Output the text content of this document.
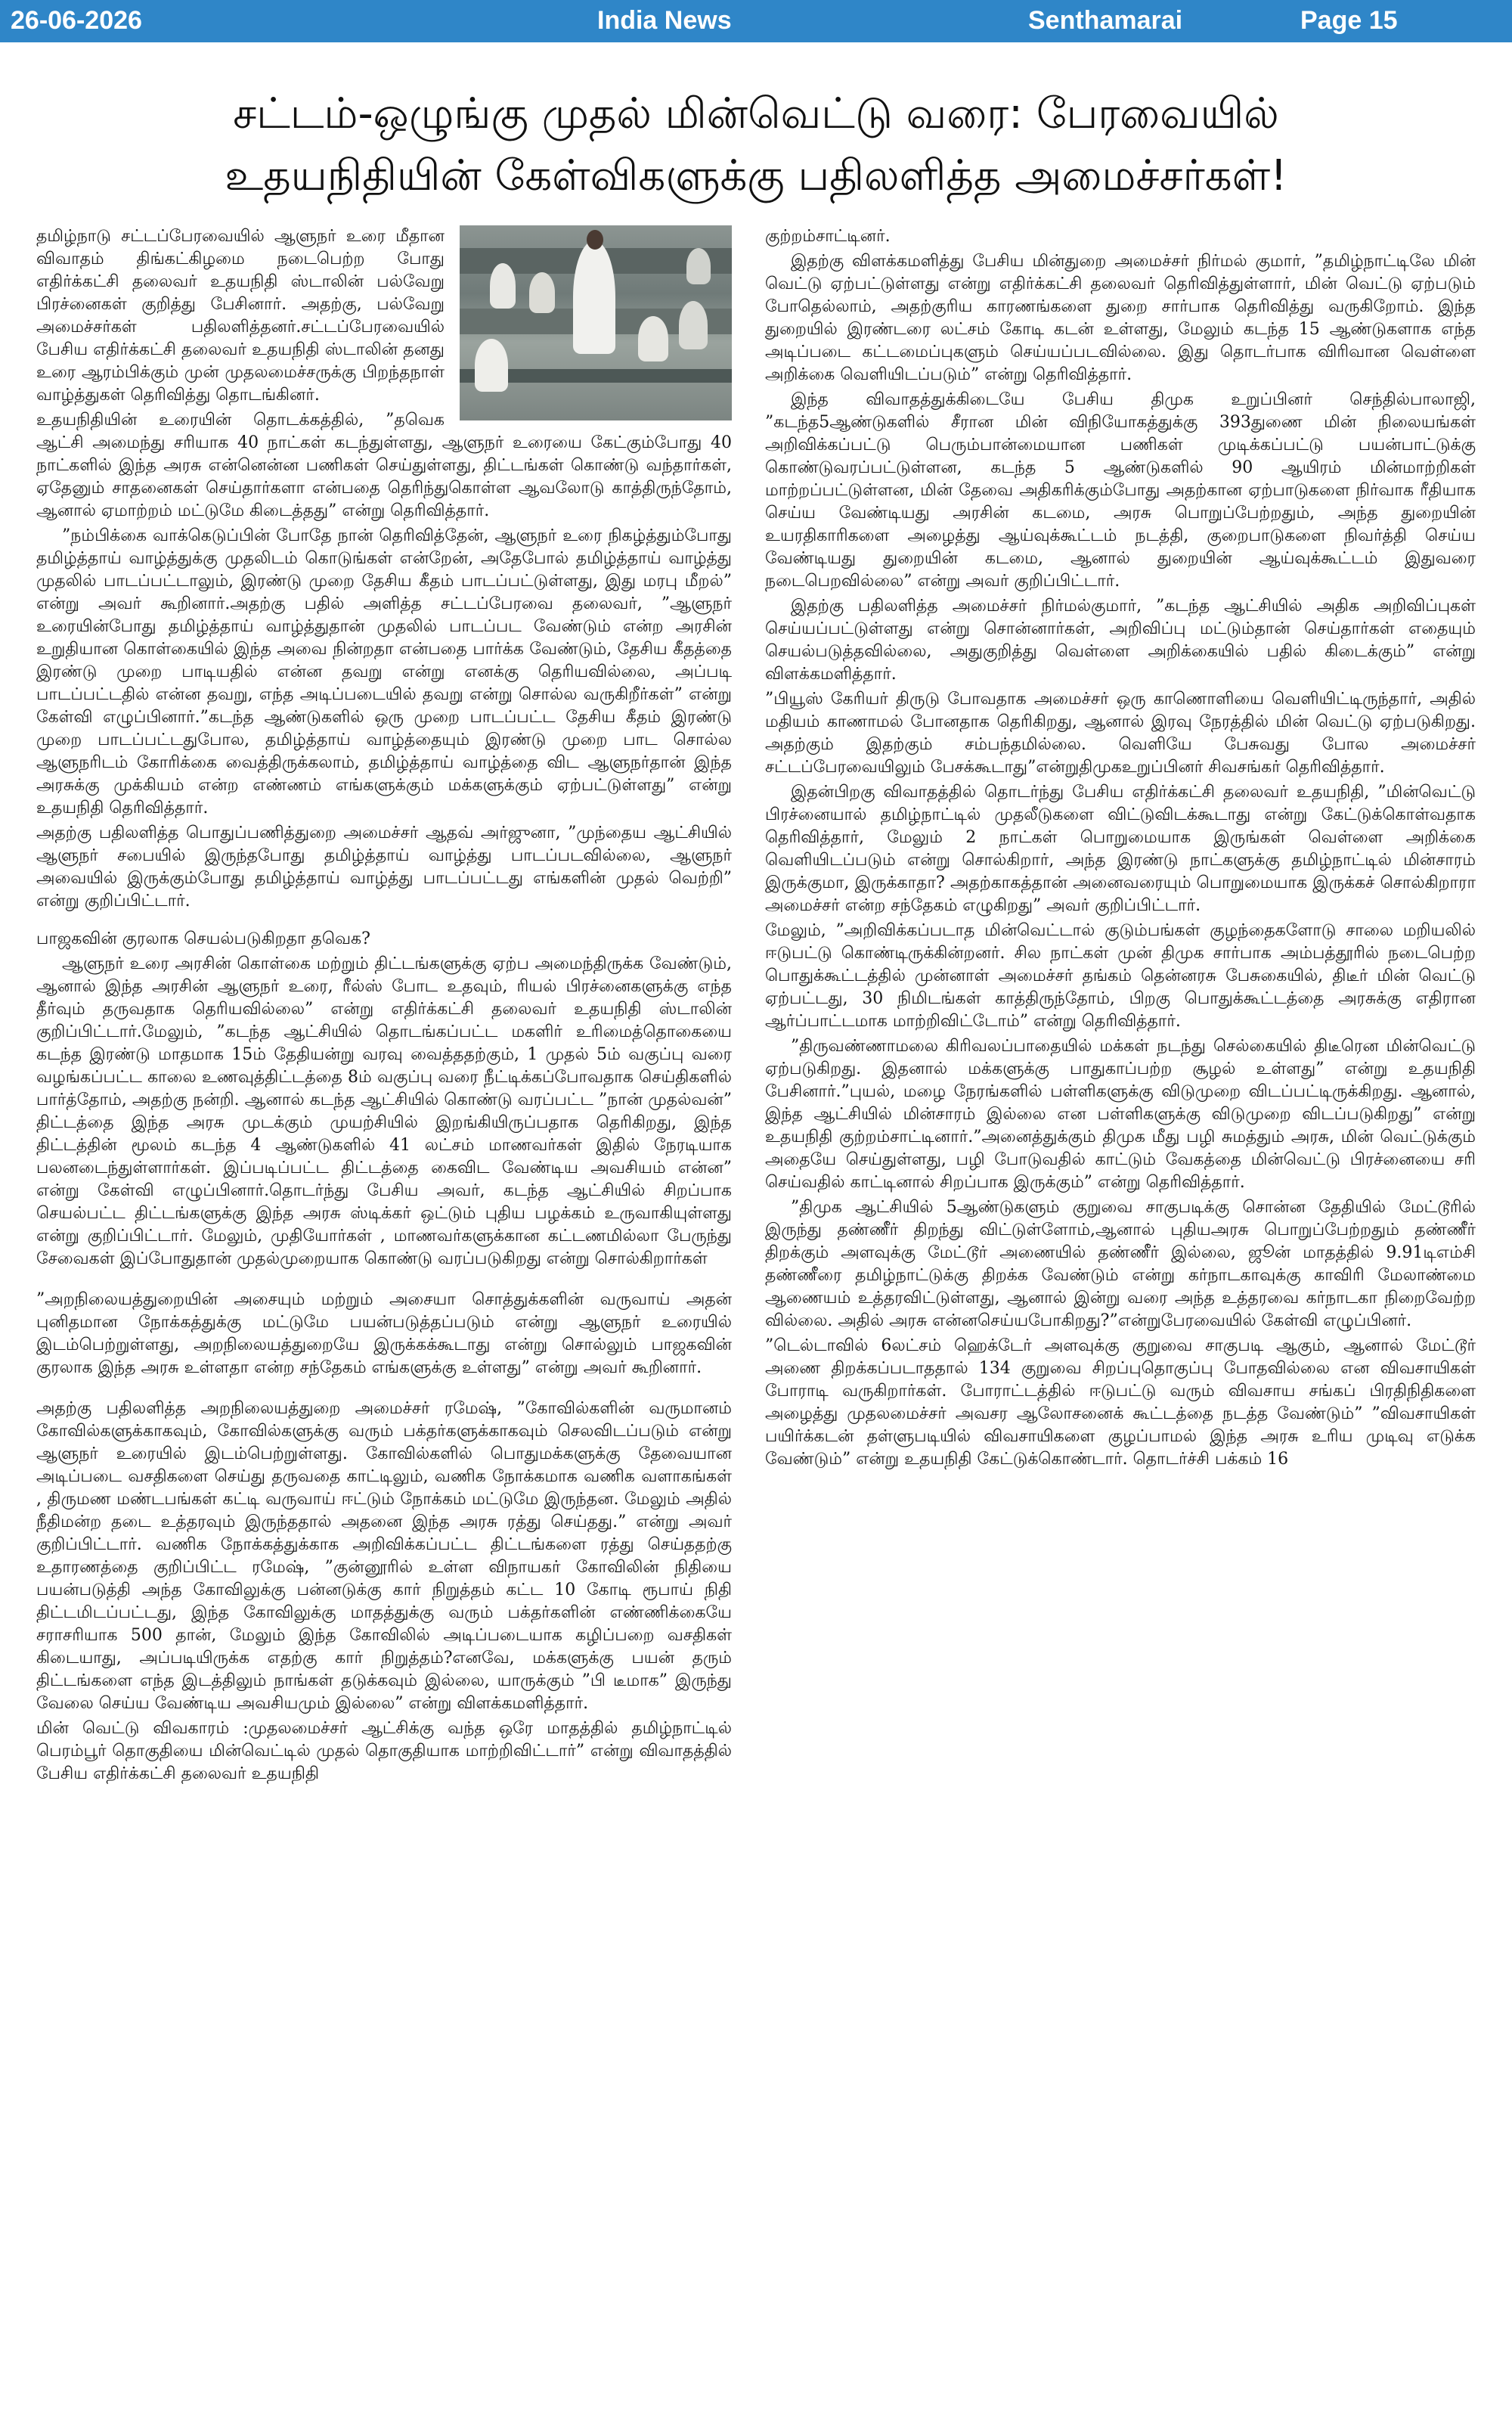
26-06-2026	India News	Senthamarai	Page 15
சட்டம்-ஒழுங்கு முதல் மின்வெட்டு வரை: பேரவையில்
உதயநிதியின் கேள்விகளுக்கு பதிலளித்த அமைச்சர்கள்!

தமிழ்நாடு சட்டப்பேரவையில் ஆளுநர் உரை மீதான விவாதம் திங்கட்கிழமை நடைபெற்ற போது எதிர்க்கட்சி தலைவர் உதயநிதி ஸ்டாலின் பல்வேறு பிரச்னைகள் குறித்து பேசினார். அதற்கு, பல்வேறு அமைச்சர்கள் பதிலளித்தனர்.சட்டப்பேரவையில் பேசிய எதிர்க்கட்சி தலைவர் உதயநிதி ஸ்டாலின் தனது உரை ஆரம்பிக்கும் முன் முதலமைச்சருக்கு பிறந்தநாள் வாழ்த்துகள் தெரிவித்து தொடங்கினர்.

உதயநிதியின் உரையின் தொடக்கத்தில், ”தவெக ஆட்சி அமைந்து சரியாக 40 நாட்கள் கடந்துள்ளது, ஆளுநர் உரையை கேட்கும்போது 40 நாட்களில் இந்த அரசு என்னென்ன பணிகள் செய்துள்ளது, திட்டங்கள் கொண்டு வந்தார்கள், ஏதேனும் சாதனைகள் செய்தார்களா என்பதை தெரிந்துகொள்ள ஆவலோடு காத்திருந்தோம், ஆனால் ஏமாற்றம் மட்டுமே கிடைத்தது” என்று தெரிவித்தார்.

”நம்பிக்கை வாக்கெடுப்பின் போதே நான் தெரிவித்தேன், ஆளுநர் உரை நிகழ்த்தும்போது தமிழ்த்தாய் வாழ்த்துக்கு முதலிடம் கொடுங்கள் என்றேன், அதேபோல் தமிழ்த்தாய் வாழ்த்து முதலில் பாடப்பட்டாலும், இரண்டு முறை தேசிய கீதம் பாடப்பட்டுள்ளது, இது மரபு மீறல்” என்று அவர் கூறினார்.அதற்கு பதில் அளித்த சட்டப்பேரவை தலைவர், ”ஆளுநர் உரையின்போது தமிழ்த்தாய் வாழ்த்துதான் முதலில் பாடப்பட வேண்டும் என்ற அரசின் உறுதியான கொள்கையில் இந்த அவை நின்றதா என்பதை பார்க்க வேண்டும், தேசிய கீதத்தை இரண்டு முறை பாடியதில் என்ன தவறு என்று எனக்கு தெரியவில்லை, அப்படி பாடப்பட்டதில் என்ன தவறு, எந்த அடிப்படையில் தவறு என்று சொல்ல வருகிறீர்கள்” என்று கேள்வி எழுப்பினார்.”கடந்த ஆண்டுகளில் ஒரு முறை பாடப்பட்ட தேசிய கீதம் இரண்டு முறை பாடப்பட்டதுபோல, தமிழ்த்தாய் வாழ்த்தையும் இரண்டு முறை பாட சொல்ல ஆளுநரிடம் கோரிக்கை வைத்திருக்கலாம், தமிழ்த்தாய் வாழ்த்தை விட ஆளுநர்தான் இந்த அரசுக்கு முக்கியம் என்ற எண்ணம் எங்களுக்கும் மக்களுக்கும் ஏற்பட்டுள்ளது” என்று உதயநிதி தெரிவித்தார்.

அதற்கு பதிலளித்த பொதுப்பணித்துறை அமைச்சர் ஆதவ் அர்ஜுனா, ”முந்தைய ஆட்சியில் ஆளுநர் சபையில் இருந்தபோது தமிழ்த்தாய் வாழ்த்து பாடப்படவில்லை, ஆளுநர் அவையில் இருக்கும்போது தமிழ்த்தாய் வாழ்த்து பாடப்பட்டது எங்களின் முதல் வெற்றி” என்று குறிப்பிட்டார்.

பாஜகவின் குரலாக செயல்படுகிறதா தவெக?

ஆளுநர் உரை அரசின் கொள்கை மற்றும் திட்டங்களுக்கு ஏற்ப அமைந்திருக்க வேண்டும், ஆனால் இந்த அரசின் ஆளுநர் உரை, ரீல்ஸ் போட உதவும், ரியல் பிரச்னைகளுக்கு எந்த தீர்வும் தருவதாக தெரியவில்லை” என்று எதிர்க்கட்சி தலைவர் உதயநிதி ஸ்டாலின் குறிப்பிட்டார்.மேலும், ”கடந்த ஆட்சியில் தொடங்கப்பட்ட மகளிர் உரிமைத்தொகையை கடந்த இரண்டு மாதமாக 15ம் தேதியன்று வரவு வைத்ததற்கும், 1 முதல் 5ம் வகுப்பு வரை வழங்கப்பட்ட காலை உணவுத்திட்டத்தை 8ம் வகுப்பு வரை நீட்டிக்கப்போவதாக செய்திகளில் பார்த்தோம், அதற்கு நன்றி. ஆனால் கடந்த ஆட்சியில் கொண்டு வரப்பட்ட ”நான் முதல்வன்” திட்டத்தை இந்த அரசு முடக்கும் முயற்சியில் இறங்கியிருப்பதாக தெரிகிறது, இந்த திட்டத்தின் மூலம் கடந்த 4 ஆண்டுகளில் 41 லட்சம் மாணவர்கள் இதில் நேரடியாக பலனடைந்துள்ளார்கள். இப்படிப்பட்ட திட்டத்தை கைவிட வேண்டிய அவசியம் என்ன” என்று கேள்வி எழுப்பினார்.தொடர்ந்து பேசிய அவர், கடந்த ஆட்சியில் சிறப்பாக செயல்பட்ட திட்டங்களுக்கு இந்த அரசு ஸ்டிக்கர் ஒட்டும் புதிய பழக்கம் உருவாகியுள்ளது என்று குறிப்பிட்டார். மேலும், முதியோர்கள் , மாணவர்களுக்கான கட்டணமில்லா பேருந்து சேவைகள் இப்போதுதான் முதல்முறையாக கொண்டு வரப்படுகிறது என்று சொல்கிறார்கள்

”அறநிலையத்துறையின் அசையும் மற்றும் அசையா சொத்துக்களின் வருவாய் அதன் புனிதமான நோக்கத்துக்கு மட்டுமே பயன்படுத்தப்படும் என்று ஆளுநர் உரையில் இடம்பெற்றுள்ளது, அறநிலையத்துறையே இருக்கக்கூடாது என்று சொல்லும் பாஜகவின் குரலாக இந்த அரசு உள்ளதா என்ற சந்தேகம் எங்களுக்கு உள்ளது” என்று அவர் கூறினார்.

அதற்கு பதிலளித்த அறநிலையத்துறை அமைச்சர் ரமேஷ், ”கோவில்களின் வருமானம் கோவில்களுக்காகவும், கோவில்களுக்கு வரும் பக்தர்களுக்காகவும் செலவிடப்படும் என்று ஆளுநர் உரையில் இடம்பெற்றுள்ளது. கோவில்களில் பொதுமக்களுக்கு தேவையான அடிப்படை வசதிகளை செய்து தருவதை காட்டிலும், வணிக நோக்கமாக வணிக வளாகங்கள் , திருமண மண்டபங்கள் கட்டி வருவாய் ஈட்டும் நோக்கம் மட்டுமே இருந்தன. மேலும் அதில் நீதிமன்ற தடை உத்தரவும் இருந்ததால் அதனை இந்த அரசு ரத்து செய்தது.” என்று அவர் குறிப்பிட்டார். வணிக நோக்கத்துக்காக அறிவிக்கப்பட்ட திட்டங்களை ரத்து செய்ததற்கு உதாரணத்தை குறிப்பிட்ட ரமேஷ், ”குன்னூரில் உள்ள விநாயகர் கோவிலின் நிதியை பயன்படுத்தி அந்த கோவிலுக்கு பன்னடுக்கு கார் நிறுத்தம் கட்ட 10 கோடி ரூபாய் நிதி திட்டமிடப்பட்டது, இந்த கோவிலுக்கு மாதத்துக்கு வரும் பக்தர்களின் எண்ணிக்கையே சராசரியாக 500 தான், மேலும் இந்த கோவிலில் அடிப்படையாக கழிப்பறை வசதிகள் கிடையாது, அப்படியிருக்க எதற்கு கார் நிறுத்தம்?எனவே, மக்களுக்கு பயன் தரும் திட்டங்களை எந்த இடத்திலும் நாங்கள் தடுக்கவும் இல்லை, யாருக்கும் ”பி டீமாக” இருந்து வேலை செய்ய வேண்டிய அவசியமும் இல்லை” என்று விளக்கமளித்தார்.

மின் வெட்டு விவகாரம் :முதலமைச்சர் ஆட்சிக்கு வந்த ஒரே மாதத்தில் தமிழ்நாட்டில் பெரம்பூர் தொகுதியை மின்வெட்டில் முதல் தொகுதியாக மாற்றிவிட்டார்” என்று விவாதத்தில் பேசிய எதிர்க்கட்சி தலைவர் உதயநிதி

குற்றம்சாட்டினர்.

இதற்கு விளக்கமளித்து பேசிய மின்துறை அமைச்சர் நிர்மல் குமார், ”தமிழ்நாட்டிலே மின் வெட்டு ஏற்பட்டுள்ளது என்று எதிர்க்கட்சி தலைவர் தெரிவித்துள்ளார், மின் வெட்டு ஏற்படும் போதெல்லாம், அதற்குரிய காரணங்களை துறை சார்பாக தெரிவித்து வருகிறோம். இந்த துறையில் இரண்டரை லட்சம் கோடி கடன் உள்ளது, மேலும் கடந்த 15 ஆண்டுகளாக எந்த அடிப்படை கட்டமைப்புகளும் செய்யப்படவில்லை. இது தொடர்பாக விரிவான வெள்ளை அறிக்கை வெளியிடப்படும்” என்று தெரிவித்தார்.

இந்த விவாதத்துக்கிடையே பேசிய திமுக உறுப்பினர் செந்தில்பாலாஜி, ”கடந்த5ஆண்டுகளில் சீரான மின் விநியோகத்துக்கு 393துணை மின் நிலையங்கள் அறிவிக்கப்பட்டு பெரும்பான்மையான பணிகள் முடிக்கப்பட்டு பயன்பாட்டுக்கு கொண்டுவரப்பட்டுள்ளன, கடந்த 5 ஆண்டுகளில் 90 ஆயிரம் மின்மாற்றிகள் மாற்றப்பட்டுள்ளன, மின் தேவை அதிகரிக்கும்போது அதற்கான ஏற்பாடுகளை நிர்வாக ரீதியாக செய்ய வேண்டியது அரசின் கடமை, அரசு பொறுப்பேற்றதும், அந்த துறையின் உயரதிகாரிகளை அழைத்து ஆய்வுக்கூட்டம் நடத்தி, குறைபாடுகளை நிவர்த்தி செய்ய வேண்டியது துறையின் கடமை, ஆனால் துறையின் ஆய்வுக்கூட்டம் இதுவரை நடைபெறவில்லை” என்று அவர் குறிப்பிட்டார்.

இதற்கு பதிலளித்த அமைச்சர் நிர்மல்குமார், ”கடந்த ஆட்சியில் அதிக அறிவிப்புகள் செய்யப்பட்டுள்ளது என்று சொன்னார்கள், அறிவிப்பு மட்டும்தான் செய்தார்கள் எதையும் செயல்படுத்தவில்லை, அதுகுறித்து வெள்ளை அறிக்கையில் பதில் கிடைக்கும்” என்று விளக்கமளித்தார்.

”பியூஸ் கேரியர் திருடு போவதாக அமைச்சர் ஒரு காணொளியை வெளியிட்டிருந்தார், அதில் மதியம் காணாமல் போனதாக தெரிகிறது, ஆனால் இரவு நேரத்தில் மின் வெட்டு ஏற்படுகிறது. அதற்கும் இதற்கும் சம்பந்தமில்லை. வெளியே பேசுவது போல அமைச்சர் சட்டப்பேரவையிலும் பேசக்கூடாது”என்றுதிமுகஉறுப்பினர் சிவசங்கர் தெரிவித்தார்.

இதன்பிறகு விவாதத்தில் தொடர்ந்து பேசிய எதிர்க்கட்சி தலைவர் உதயநிதி, ”மின்வெட்டு பிரச்னையால் தமிழ்நாட்டில் முதலீடுகளை விட்டுவிடக்கூடாது என்று கேட்டுக்கொள்வதாக தெரிவித்தார், மேலும் 2 நாட்கள் பொறுமையாக இருங்கள் வெள்ளை அறிக்கை வெளியிடப்படும் என்று சொல்கிறார், அந்த இரண்டு நாட்களுக்கு தமிழ்நாட்டில் மின்சாரம் இருக்குமா, இருக்காதா? அதற்காகத்தான் அனைவரையும் பொறுமையாக இருக்கச் சொல்கிறாரா அமைச்சர் என்ற சந்தேகம் எழுகிறது” அவர் குறிப்பிட்டார்.

மேலும், ”அறிவிக்கப்படாத மின்வெட்டால் குடும்பங்கள் குழந்தைகளோடு சாலை மறியலில் ஈடுபட்டு கொண்டிருக்கின்றனர். சில நாட்கள் முன் திமுக சார்பாக அம்பத்தூரில் நடைபெற்ற பொதுக்கூட்டத்தில் முன்னாள் அமைச்சர் தங்கம் தென்னரசு பேசுகையில், திடீர் மின் வெட்டு ஏற்பட்டது, 30 நிமிடங்கள் காத்திருந்தோம், பிறகு பொதுக்கூட்டத்தை அரசுக்கு எதிரான ஆர்ப்பாட்டமாக மாற்றிவிட்டோம்” என்று தெரிவித்தார்.

”திருவண்ணாமலை கிரிவலப்பாதையில் மக்கள் நடந்து செல்கையில் திடீரென மின்வெட்டு ஏற்படுகிறது. இதனால் மக்களுக்கு பாதுகாப்பற்ற சூழல் உள்ளது” என்று உதயநிதி பேசினார்.”புயல், மழை நேரங்களில் பள்ளிகளுக்கு விடுமுறை விடப்பட்டிருக்கிறது. ஆனால், இந்த ஆட்சியில் மின்சாரம் இல்லை என பள்ளிகளுக்கு விடுமுறை விடப்படுகிறது” என்று உதயநிதி குற்றம்சாட்டினார்.”அனைத்துக்கும் திமுக மீது பழி சுமத்தும் அரசு, மின் வெட்டுக்கும் அதையே செய்துள்ளது, பழி போடுவதில் காட்டும் வேகத்தை மின்வெட்டு பிரச்னையை சரி செய்வதில் காட்டினால் சிறப்பாக இருக்கும்” என்று தெரிவித்தார்.

”திமுக ஆட்சியில் 5ஆண்டுகளும் குறுவை சாகுபடிக்கு சொன்ன தேதியில் மேட்டூரில் இருந்து தண்ணீர் திறந்து விட்டுள்ளோம்,ஆனால் புதியஅரசு பொறுப்பேற்றதும் தண்ணீர் திறக்கும் அளவுக்கு மேட்டூர் அணையில் தண்ணீர் இல்லை, ஜூன் மாதத்தில் 9.91டிஎம்சி தண்ணீரை தமிழ்நாட்டுக்கு திறக்க வேண்டும் என்று கர்நாடகாவுக்கு காவிரி மேலாண்மை ஆணையம் உத்தரவிட்டுள்ளது, ஆனால் இன்று வரை அந்த உத்தரவை கர்நாடகா நிறைவேற்ற வில்லை. அதில் அரசு என்னசெய்யபோகிறது?”என்றுபேரவையில் கேள்வி எழுப்பினர்.

”டெல்டாவில் 6லட்சம் ஹெக்டேர் அளவுக்கு குறுவை சாகுபடி ஆகும், ஆனால் மேட்டூர் அணை திறக்கப்படாததால் 134 குறுவை சிறப்புதொகுப்பு போதவில்லை என விவசாயிகள் போராடி வருகிறார்கள். போராட்டத்தில் ஈடுபட்டு வரும் விவசாய சங்கப் பிரதிநிதிகளை அழைத்து முதலமைச்சர் அவசர ஆலோசனைக் கூட்டத்தை நடத்த வேண்டும்” ”விவசாயிகள் பயிர்க்கடன் தள்ளுபடியில் விவசாயிகளை குழப்பாமல் இந்த அரசு உரிய முடிவு எடுக்க வேண்டும்” என்று உதயநிதி கேட்டுக்கொண்டார். தொடர்ச்சி பக்கம் 16
